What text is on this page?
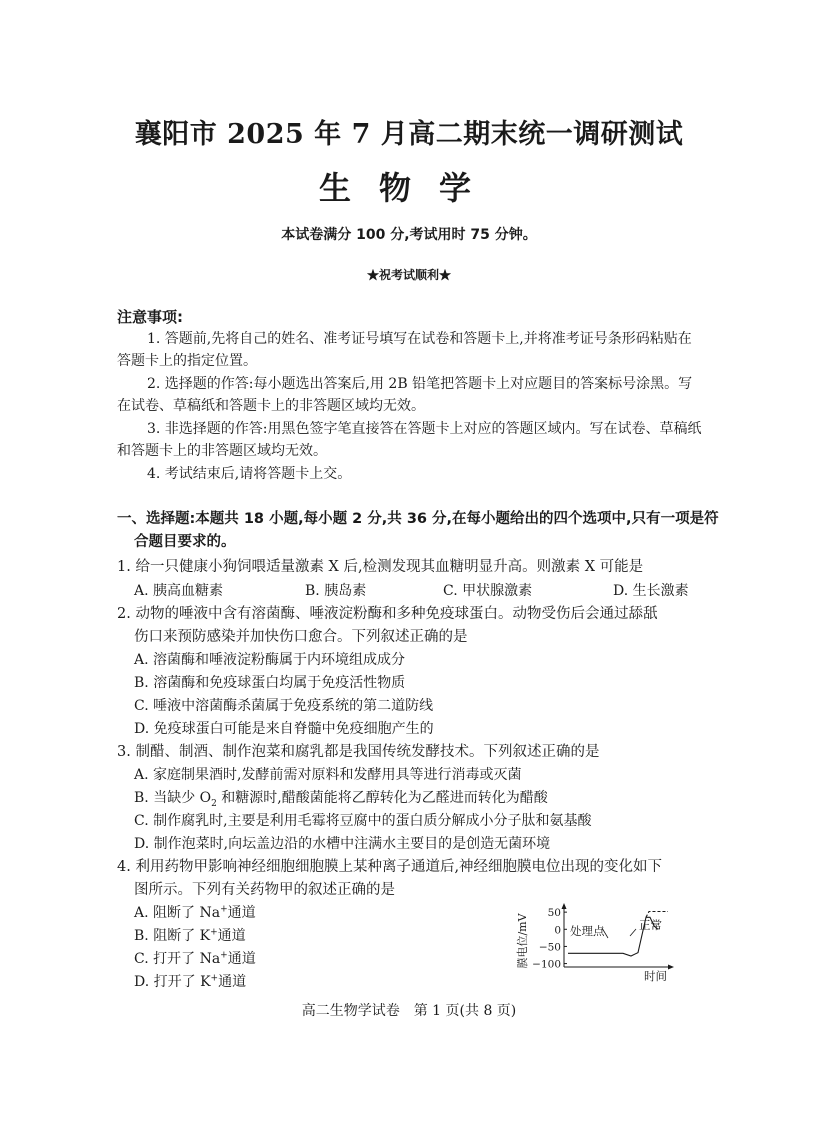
襄阳市 2025 年 7 月高二期末统一调研测试
生物学
本试卷满分 100 分,考试用时 75 分钟。
★祝考试顺利★
注意事项:
1. 答题前,先将自己的姓名、准考证号填写在试卷和答题卡上,并将准考证号条形码粘贴在答题卡上的指定位置。
2. 选择题的作答:每小题选出答案后,用 2B 铅笔把答题卡上对应题目的答案标号涂黑。写在试卷、草稿纸和答题卡上的非答题区域均无效。
3. 非选择题的作答:用黑色签字笔直接答在答题卡上对应的答题区域内。写在试卷、草稿纸和答题卡上的非答题区域均无效。
4. 考试结束后,请将答题卡上交。
一、选择题:本题共 18 小题,每小题 2 分,共 36 分,在每小题给出的四个选项中,只有一项是符合题目要求的。
1. 给一只健康小狗饲喂适量激素 X 后,检测发现其血糖明显升高。则激素 X 可能是
A. 胰高血糖素	B. 胰岛素	C. 甲状腺激素	D. 生长激素
2. 动物的唾液中含有溶菌酶、唾液淀粉酶和多种免疫球蛋白。动物受伤后会通过舔舐
伤口来预防感染并加快伤口愈合。下列叙述正确的是
A. 溶菌酶和唾液淀粉酶属于内环境组成成分
B. 溶菌酶和免疫球蛋白均属于免疫活性物质
C. 唾液中溶菌酶杀菌属于免疫系统的第二道防线
D. 免疫球蛋白可能是来自脊髓中免疫细胞产生的
3. 制醋、制酒、制作泡菜和腐乳都是我国传统发酵技术。下列叙述正确的是
A. 家庭制果酒时,发酵前需对原料和发酵用具等进行消毒或灭菌
B. 当缺少 $O_2$ 和糖源时,醋酸菌能将乙醇转化为乙醛进而转化为醋酸
C. 制作腐乳时,主要是利用毛霉将豆腐中的蛋白质分解成小分子肽和氨基酸
D. 制作泡菜时,向坛盖边沿的水槽中注满水主要目的是创造无菌环境
4. 利用药物甲影响神经细胞细胞膜上某种离子通道后,神经细胞膜电位出现的变化如下
图所示。下列有关药物甲的叙述正确的是
A. 阻断了 Na+通道
B. 阻断了 K+通道
C. 打开了 Na+通道
D. 打开了 K+通道
膜电位/mV
50
0
−50
−100
处理点	正常
时间
高二生物学试卷　第 1 页(共 8 页)
